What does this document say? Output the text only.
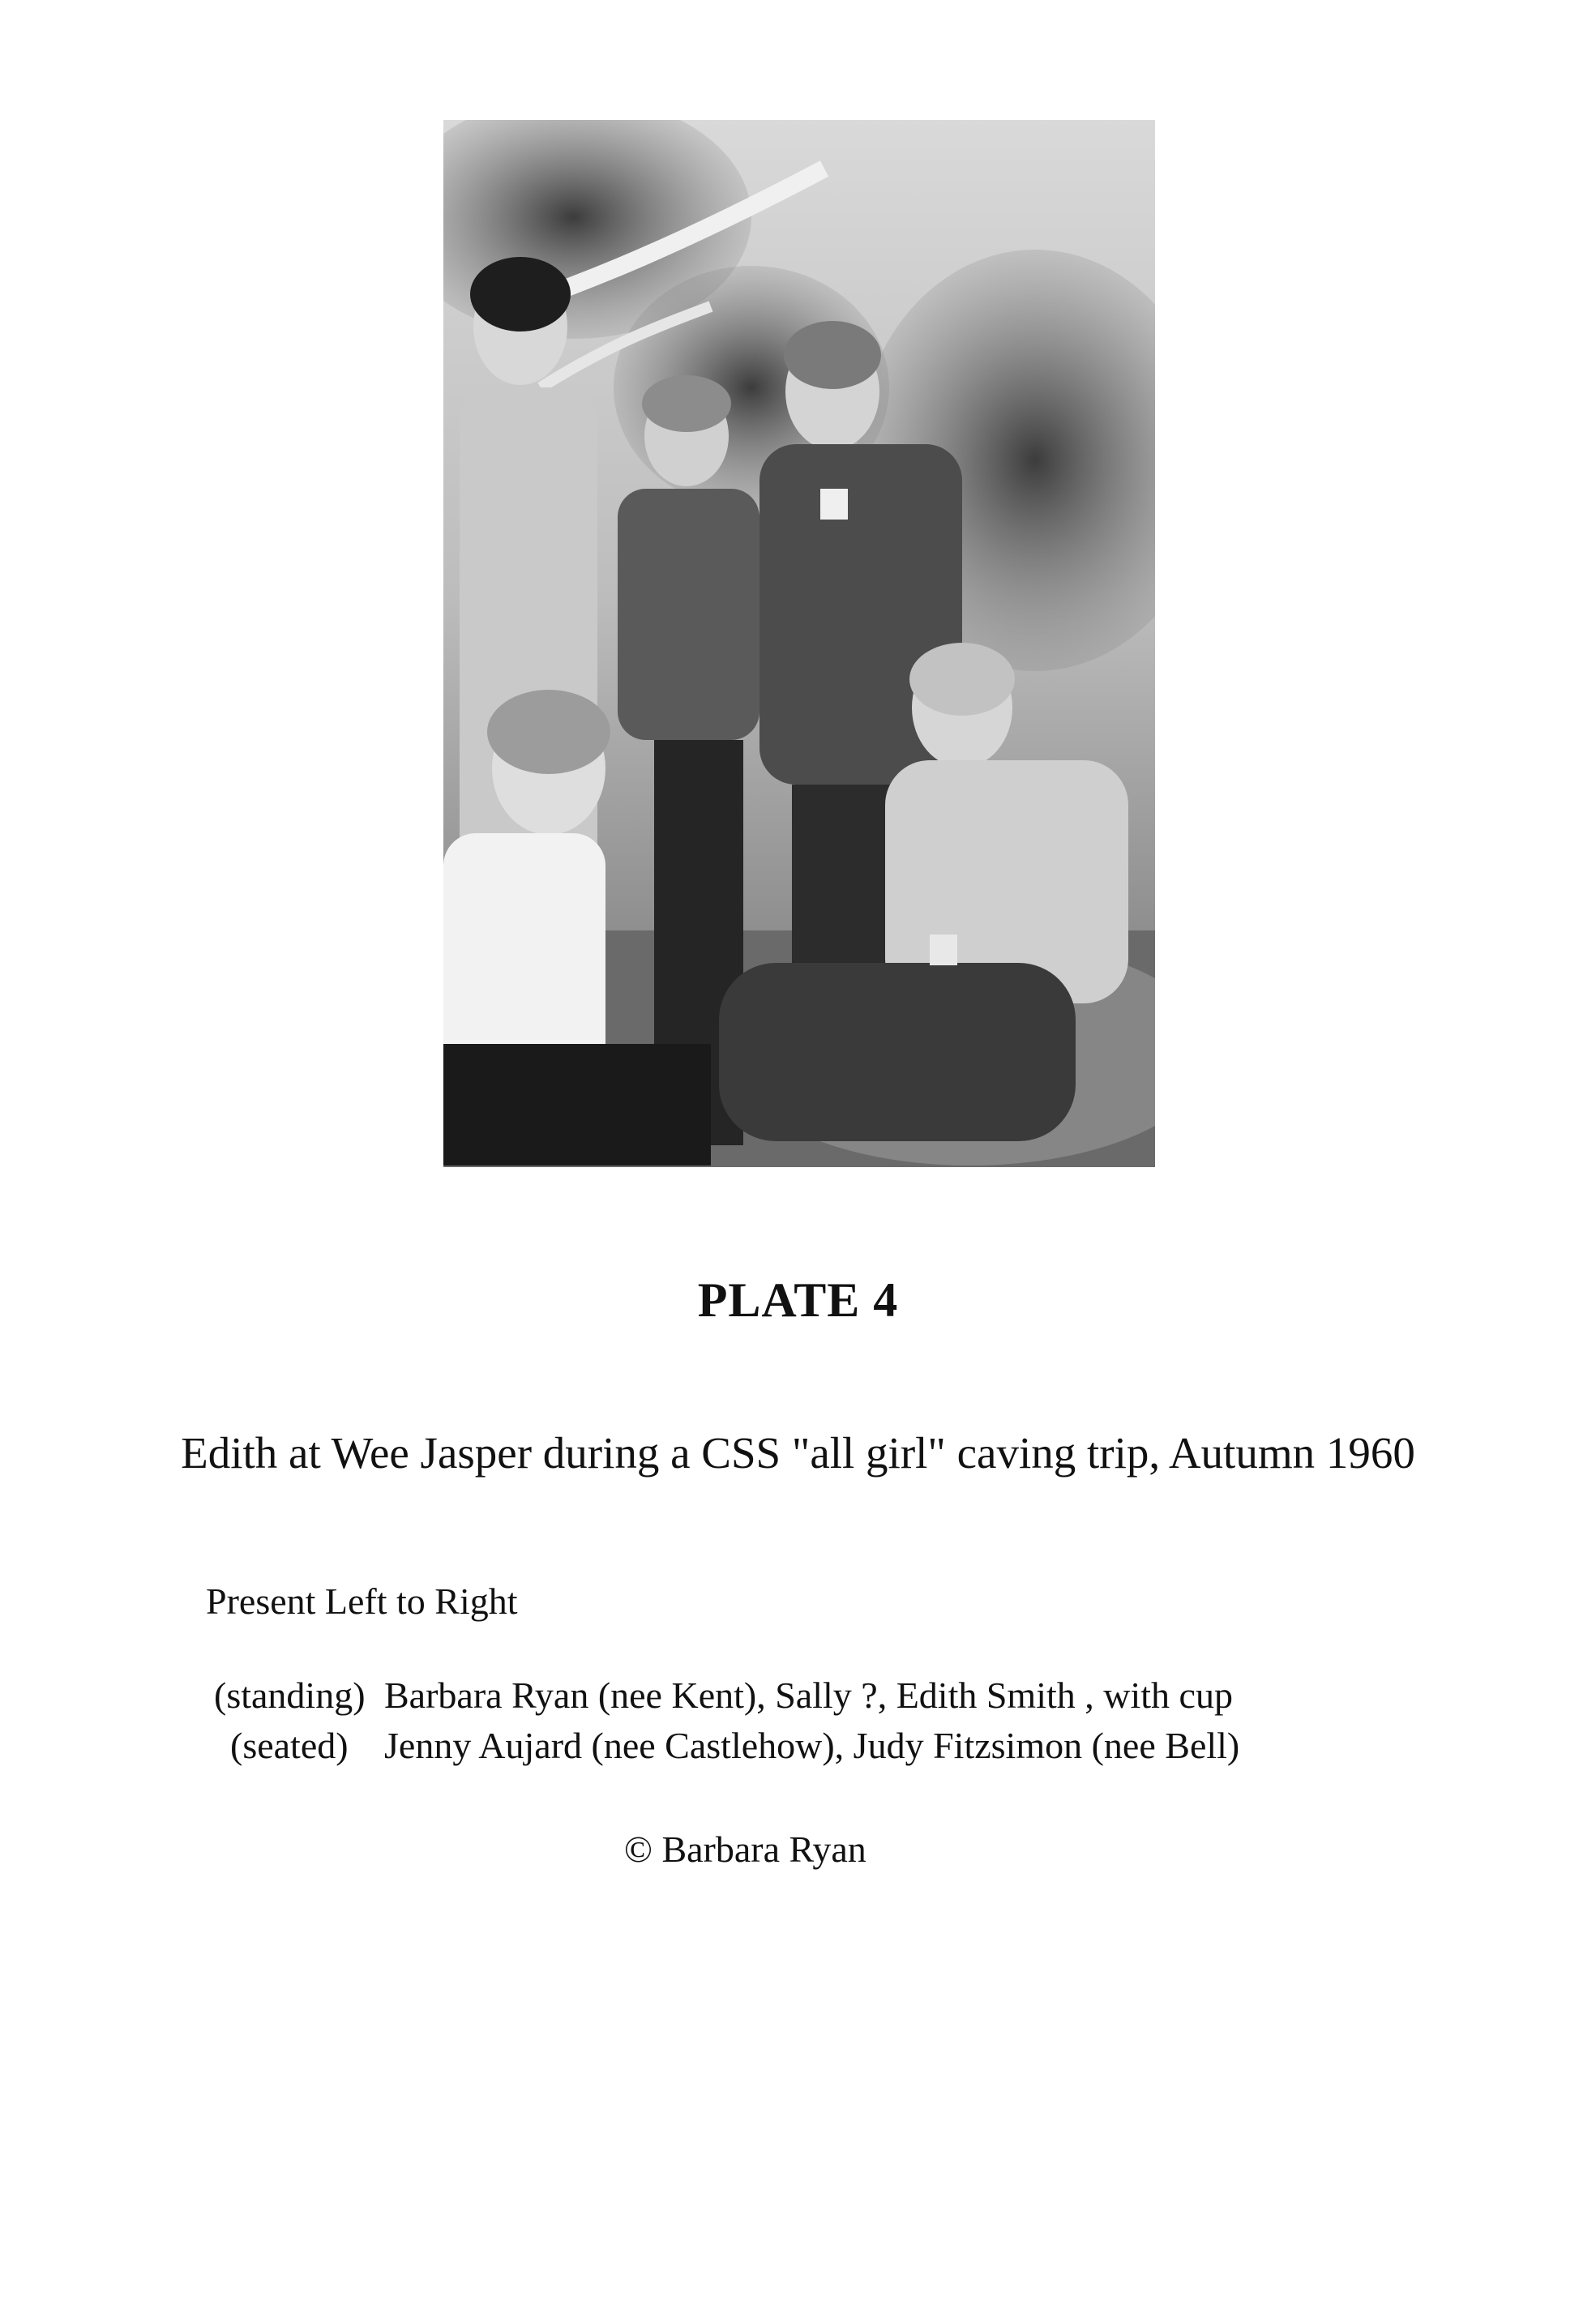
PLATE 4
Edith at Wee Jasper during a CSS "all girl" caving trip, Autumn 1960
Present Left to Right
(standing) Barbara Ryan (nee Kent), Sally ?, Edith Smith , with cup
(seated) Jenny Aujard (nee Castlehow), Judy Fitzsimon (nee Bell)
© Barbara Ryan
